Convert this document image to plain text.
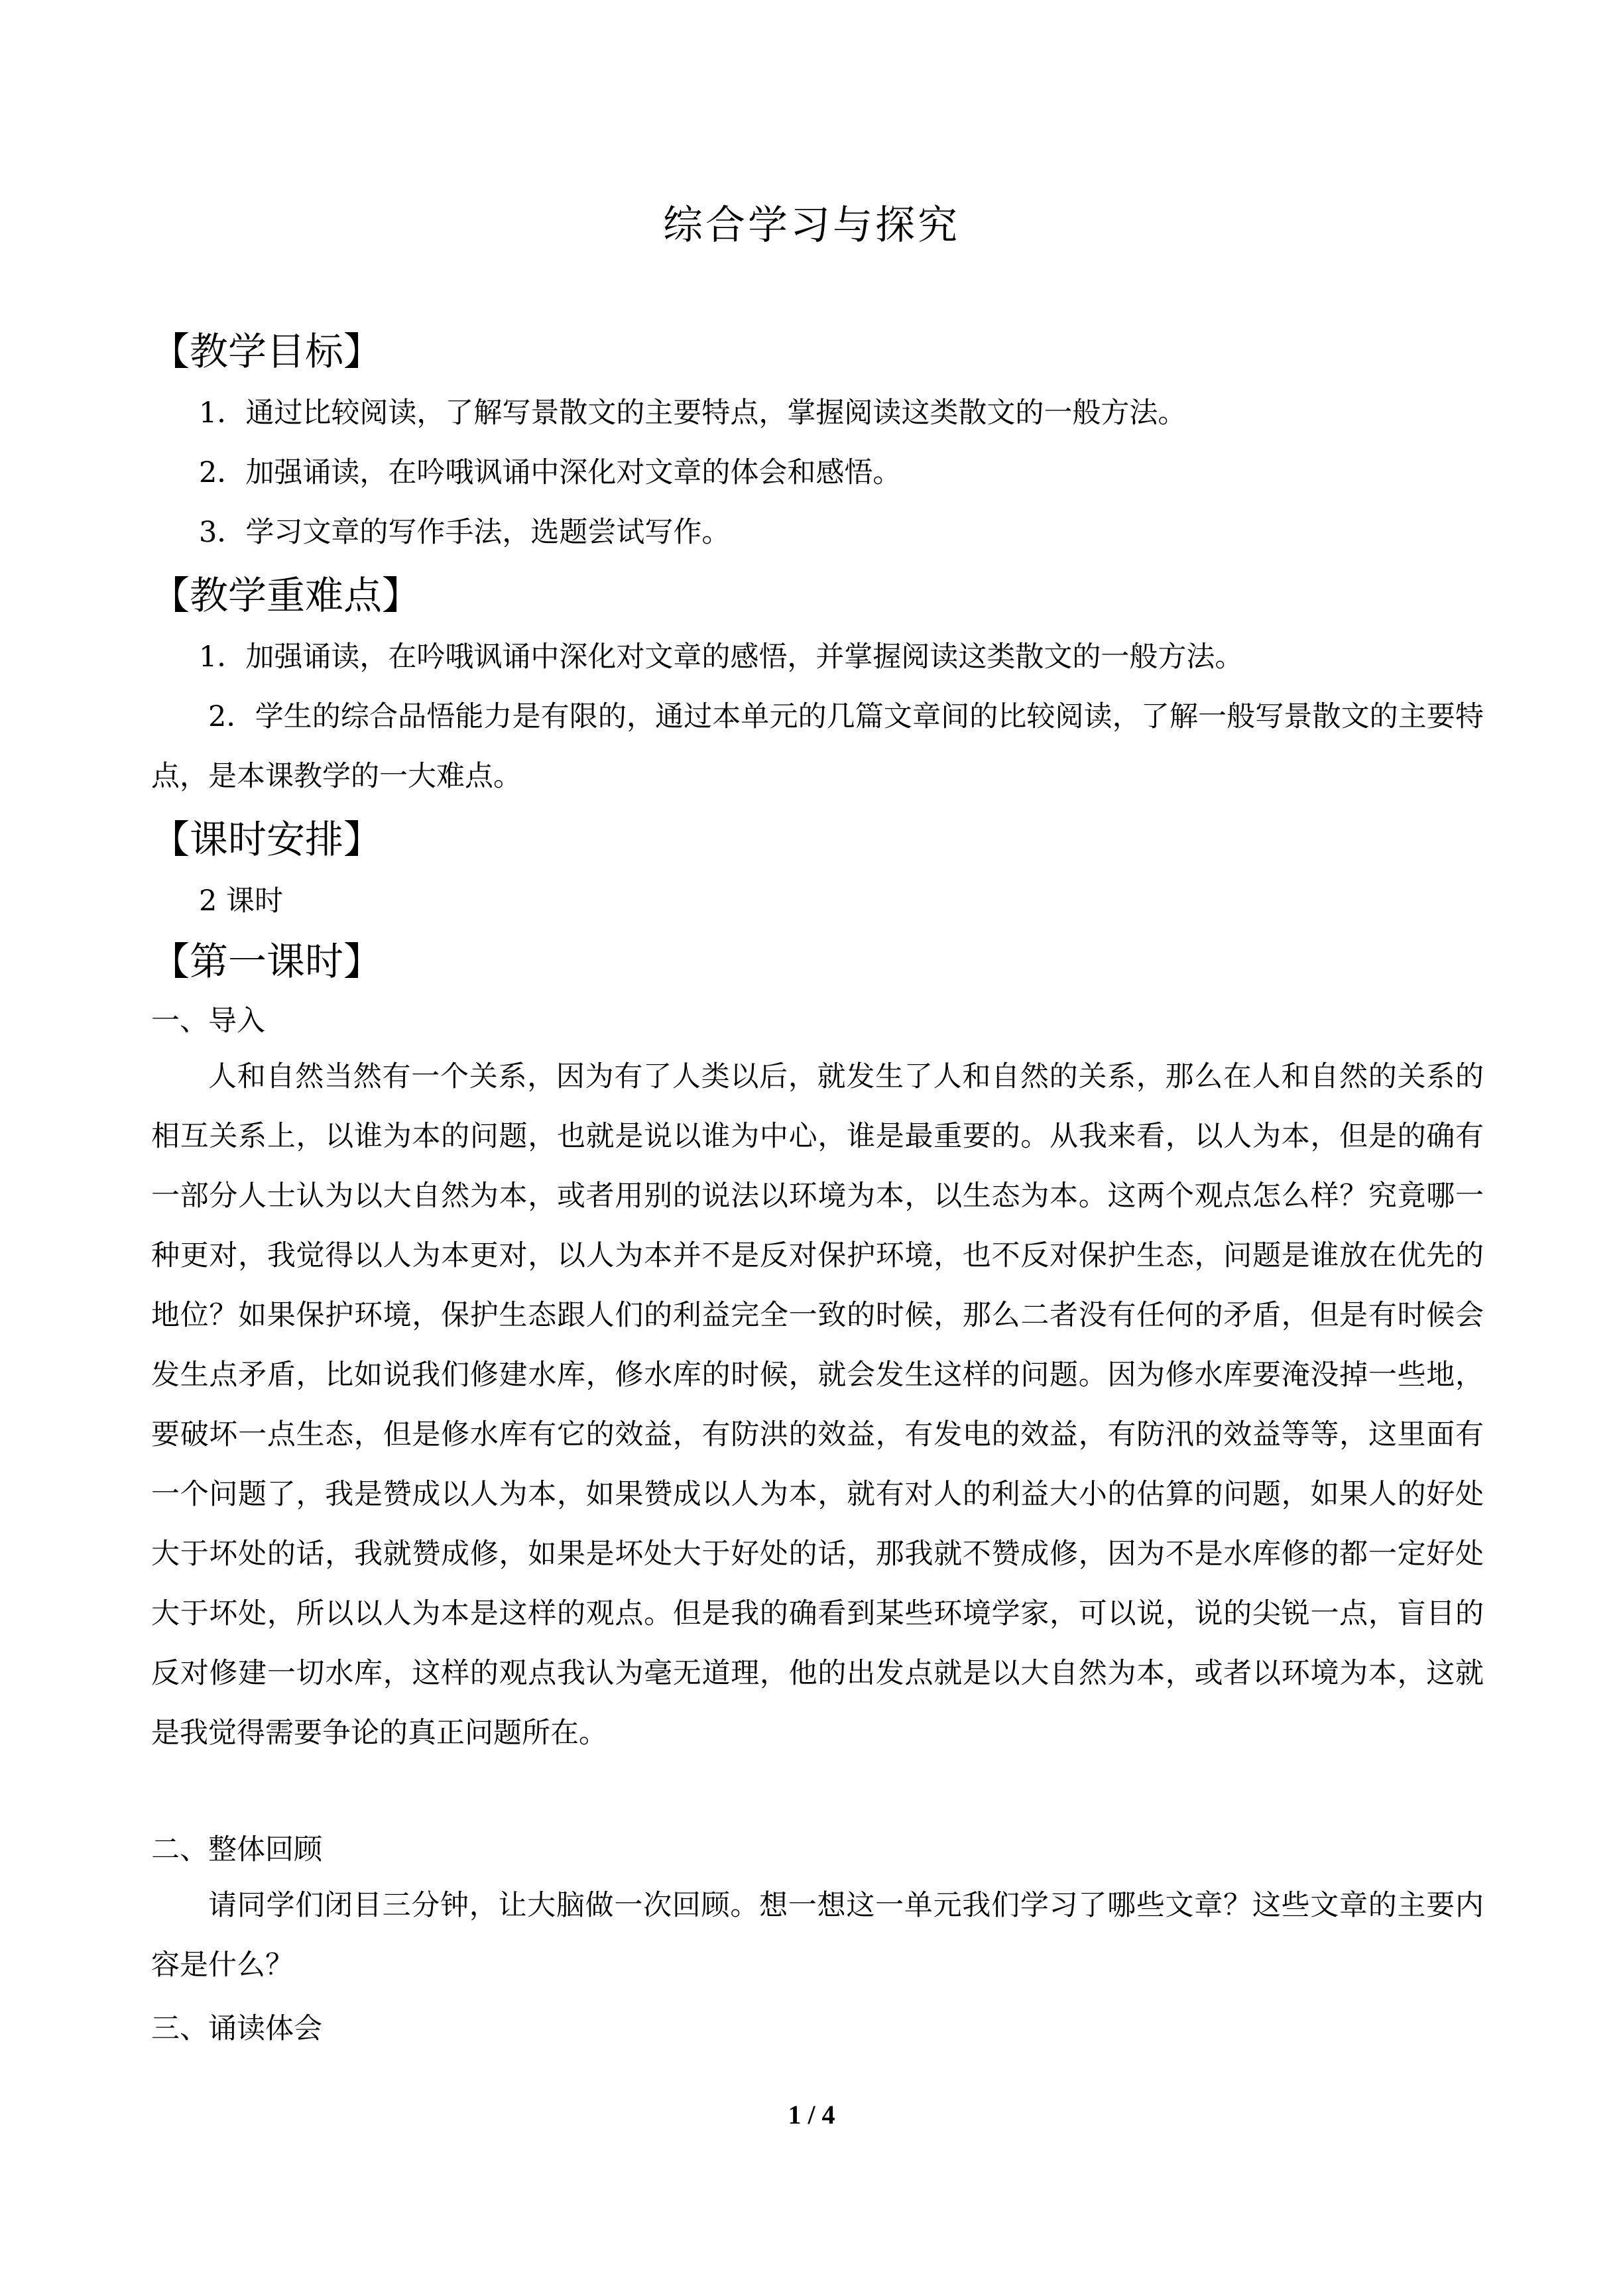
综合学习与探究
【教学目标】
1．通过比较阅读，了解写景散文的主要特点，掌握阅读这类散文的一般方法。
2．加强诵读，在吟哦讽诵中深化对文章的体会和感悟。
3．学习文章的写作手法，选题尝试写作。
【教学重难点】
1．加强诵读，在吟哦讽诵中深化对文章的感悟，并掌握阅读这类散文的一般方法。

2．学生的综合品悟能力是有限的，通过本单元的几篇文章间的比较阅读，了解一般写景散文的主要特点，是本课教学的一大难点。

【课时安排】
2 课时
【第一课时】
一、导入

人和自然当然有一个关系，因为有了人类以后，就发生了人和自然的关系，那么在人和自然的关系的相互关系上，以谁为本的问题，也就是说以谁为中心，谁是最重要的。从我来看，以人为本，但是的确有一部分人士认为以大自然为本，或者用别的说法以环境为本，以生态为本。这两个观点怎么样？究竟哪一种更对，我觉得以人为本更对，以人为本并不是反对保护环境，也不反对保护生态，问题是谁放在优先的地位？如果保护环境，保护生态跟人们的利益完全一致的时候，那么二者没有任何的矛盾，但是有时候会发生点矛盾，比如说我们修建水库，修水库的时候，就会发生这样的问题。因为修水库要淹没掉一些地，要破坏一点生态，但是修水库有它的效益，有防洪的效益，有发电的效益，有防汛的效益等等，这里面有一个问题了，我是赞成以人为本，如果赞成以人为本，就有对人的利益大小的估算的问题，如果人的好处大于坏处的话，我就赞成修，如果是坏处大于好处的话，那我就不赞成修，因为不是水库修的都一定好处大于坏处，所以以人为本是这样的观点。但是我的确看到某些环境学家，可以说，说的尖锐一点，盲目的反对修建一切水库，这样的观点我认为毫无道理，他的出发点就是以大自然为本，或者以环境为本，这就是我觉得需要争论的真正问题所在。

二、整体回顾

请同学们闭目三分钟，让大脑做一次回顾。想一想这一单元我们学习了哪些文章？这些文章的主要内容是什么？

三、诵读体会
1 / 4
